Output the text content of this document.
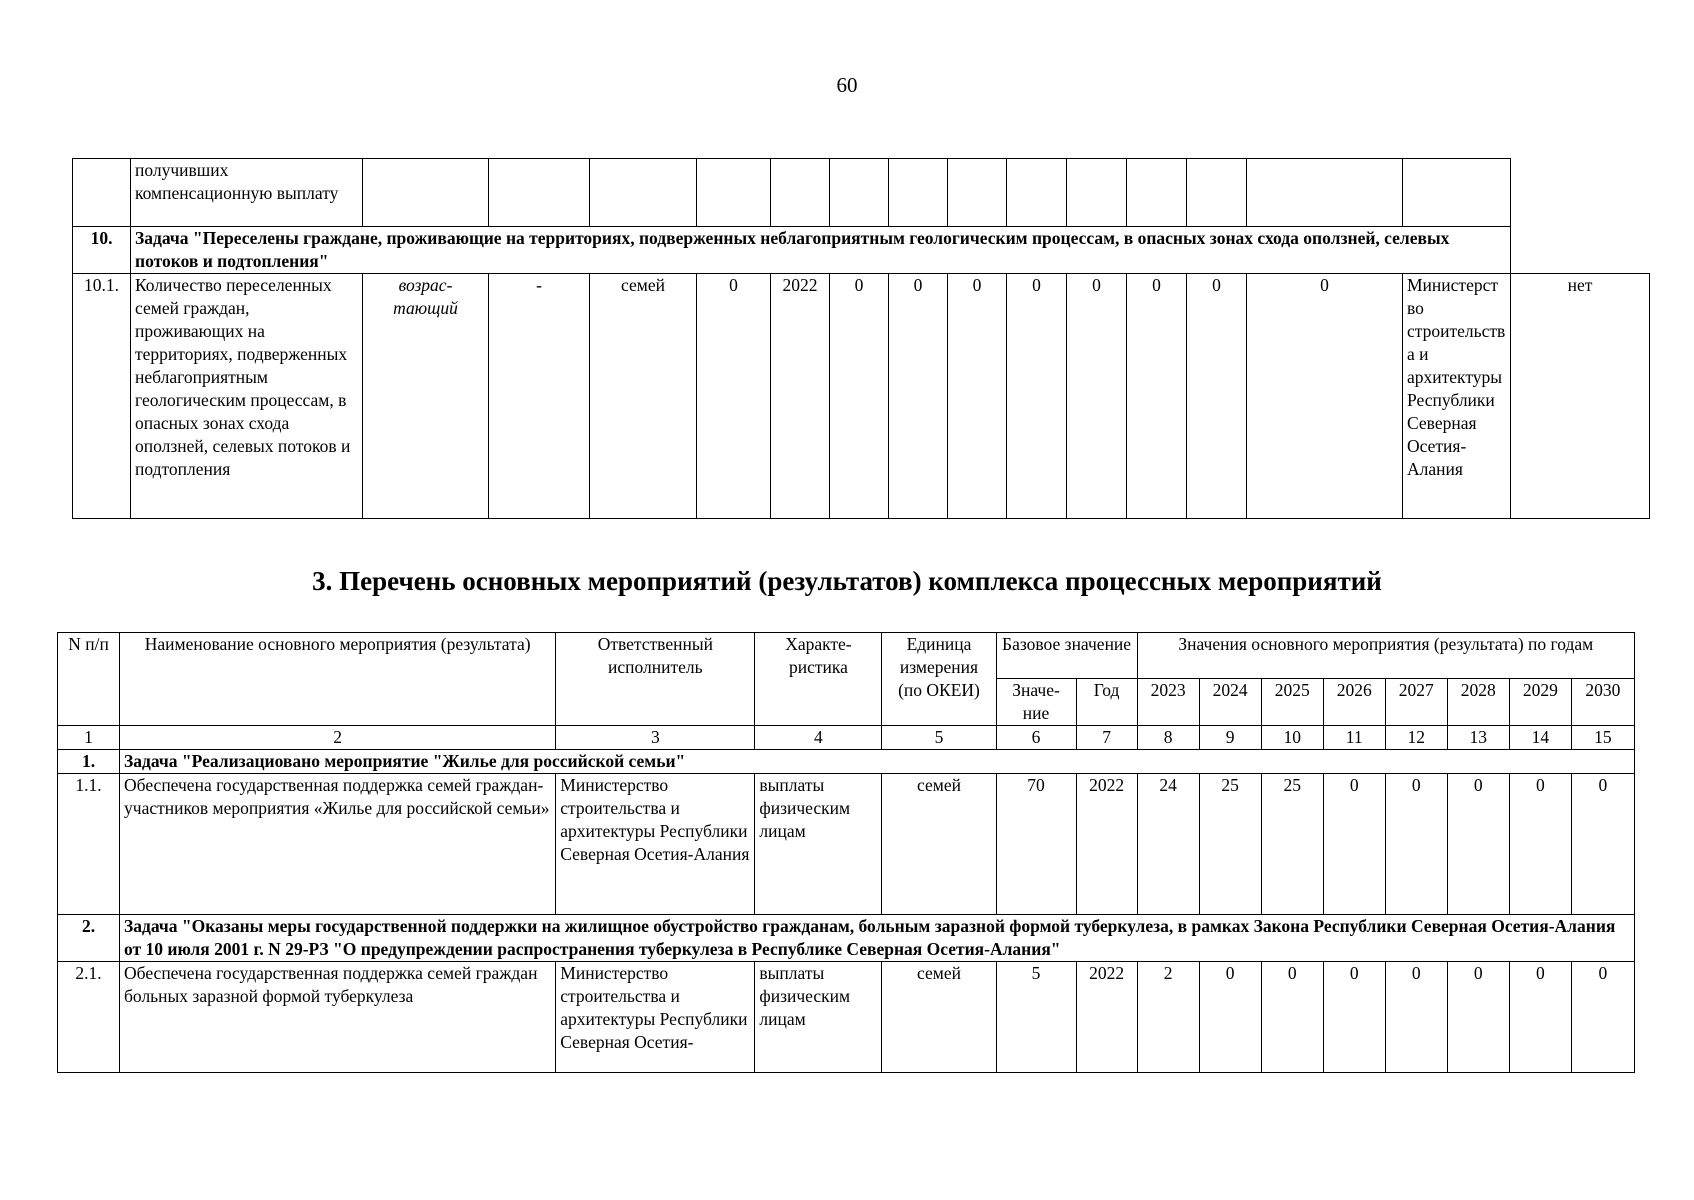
60
	получивших компенсационную выплату															
10.	Задача "Переселены граждане, проживающие на территориях, подверженных неблагоприятным геологическим процессам, в опасных зонах схода оползней, селевых потоков и подтопления"															
10.1.	Количество переселенных семей граждан, проживающих на территориях, подверженных неблагоприятным геологическим процессам, в опасных зонах схода оползней, селевых потоков и подтопления	возрас-тающий	-	семей	0	2022	0	0	0	0	0	0	0	0	Министерство строительства и архитектуры Республики Северная Осетия-Алания	нет
3. Перечень основных мероприятий (результатов) комплекса процессных мероприятий
N п/п	Наименование основного мероприятия (результата)	Ответственный исполнитель	Характе-ристика	Единица измерения (по ОКЕИ)	Базовое значение		Значения основного мероприятия (результата) по годам							
					Значе-ние	Год	2023	2024	2025	2026	2027	2028	2029	2030
1	2	3	4	5	6	7	8	9	10	11	12	13	14	15
1.	Задача "Реализациовано мероприятие "Жилье для российской семьи"													
1.1.	Обеспечена государственная поддержка семей граждан-участников мероприятия «Жилье для российской семьи»	Министерство строительства и архитектуры Республики Северная Осетия-Алания	выплаты физическим лицам	семей	70	2022	24	25	25	0	0	0	0	0
2.	Задача "Оказаны меры государственной поддержки на жилищное обустройство гражданам, больным заразной формой туберкулеза, в рамках Закона Республики Северная Осетия-Алания от 10 июля 2001 г. N 29-РЗ "О предупреждении распространения туберкулеза в Республике Северная Осетия-Алания"													
2.1.	Обеспечена государственная поддержка семей граждан больных заразной формой туберкулеза	Министерство строительства и архитектуры Республики Северная Осетия-	выплаты физическим лицам	семей	5	2022	2	0	0	0	0	0	0	0
